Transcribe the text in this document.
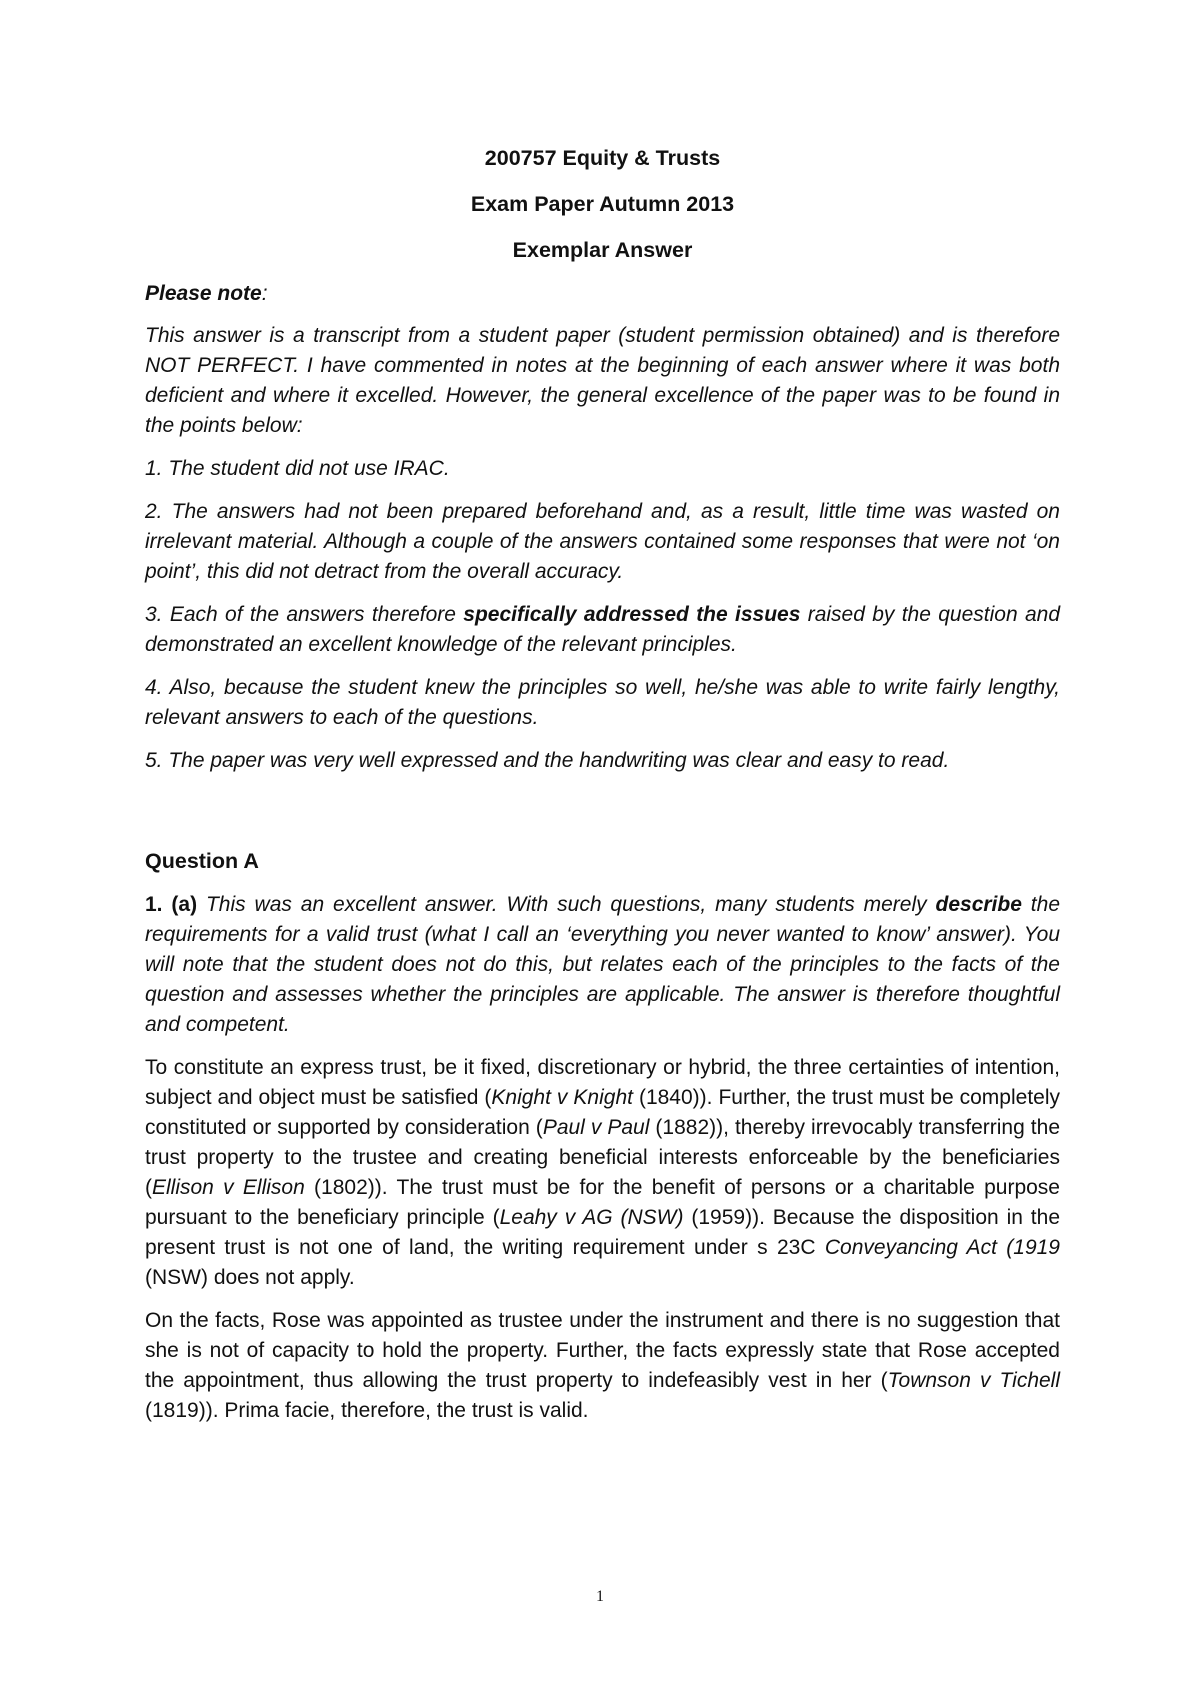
200757 Equity & Trusts
Exam Paper Autumn 2013
Exemplar Answer
Please note:

This answer is a transcript from a student paper (student permission obtained) and is therefore NOT PERFECT. I have commented in notes at the beginning of each answer where it was both deficient and where it excelled. However, the general excellence of the paper was to be found in the points below:

1. The student did not use IRAC.

2. The answers had not been prepared beforehand and, as a result, little time was wasted on irrelevant material. Although a couple of the answers contained some responses that were not ‘on point’, this did not detract from the overall accuracy.

3. Each of the answers therefore specifically addressed the issues raised by the question and demonstrated an excellent knowledge of the relevant principles.

4. Also, because the student knew the principles so well, he/she was able to write fairly lengthy, relevant answers to each of the questions.

5. The paper was very well expressed and the handwriting was clear and easy to read.

Question A

1. (a) This was an excellent answer. With such questions, many students merely describe the requirements for a valid trust (what I call an ‘everything you never wanted to know’ answer). You will note that the student does not do this, but relates each of the principles to the facts of the question and assesses whether the principles are applicable. The answer is therefore thoughtful and competent.

To constitute an express trust, be it fixed, discretionary or hybrid, the three certainties of intention, subject and object must be satisfied (Knight v Knight (1840)). Further, the trust must be completely constituted or supported by consideration (Paul v Paul (1882)), thereby irrevocably transferring the trust property to the trustee and creating beneficial interests enforceable by the beneficiaries (Ellison v Ellison (1802)). The trust must be for the benefit of persons or a charitable purpose pursuant to the beneficiary principle (Leahy v AG (NSW) (1959)). Because the disposition in the present trust is not one of land, the writing requirement under s 23C Conveyancing Act (1919 (NSW) does not apply.

On the facts, Rose was appointed as trustee under the instrument and there is no suggestion that she is not of capacity to hold the property. Further, the facts expressly state that Rose accepted the appointment, thus allowing the trust property to indefeasibly vest in her (Townson v Tichell (1819)). Prima facie, therefore, the trust is valid.

1
